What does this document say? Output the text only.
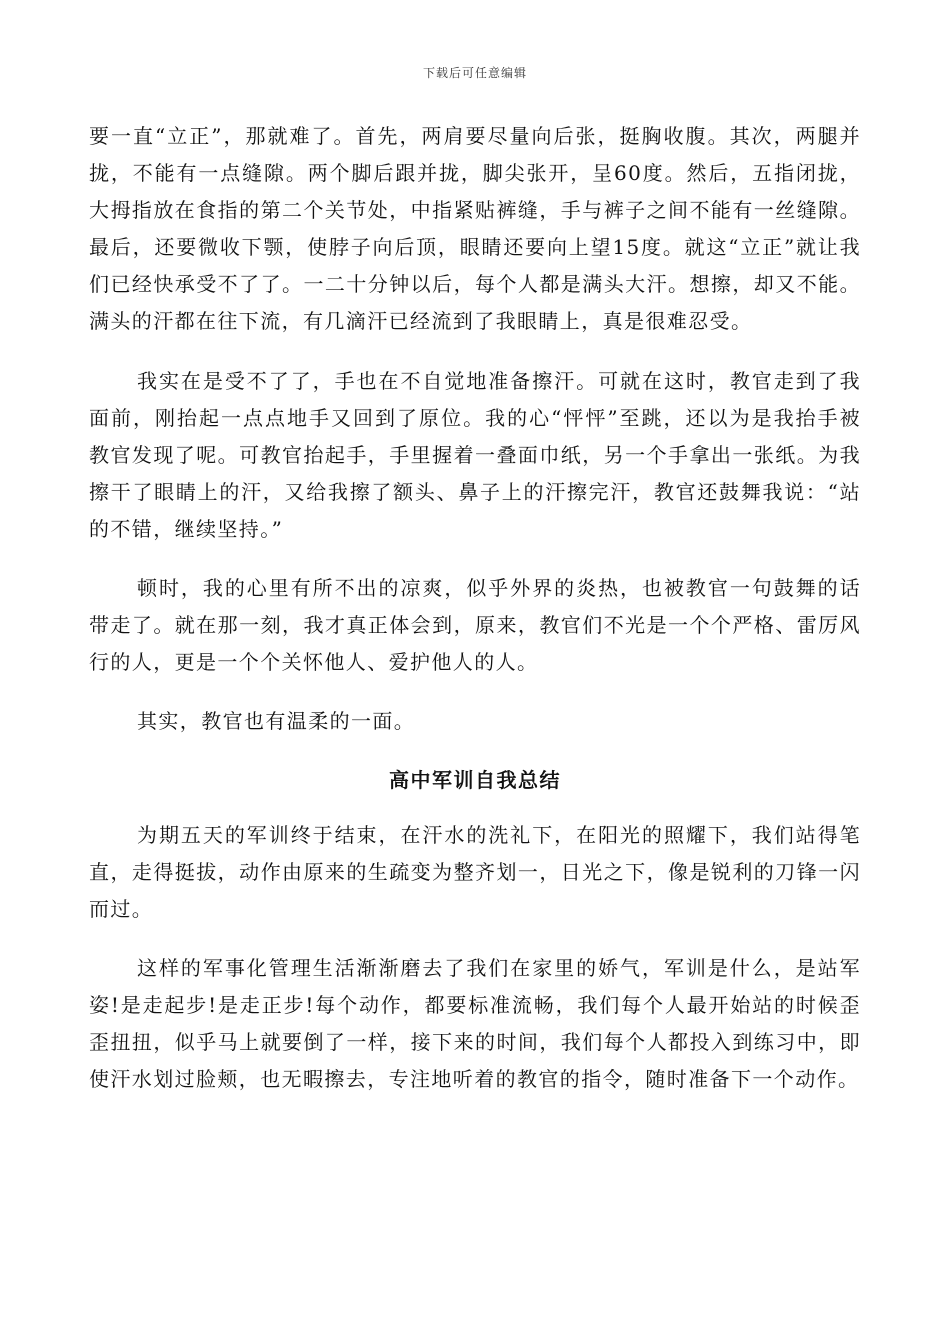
下载后可任意编辑

要一直“立正”，那就难了。首先，两肩要尽量向后张，挺胸收腹。其次，两腿并拢，不能有一点缝隙。两个脚后跟并拢，脚尖张开，呈60度。然后，五指闭拢，大拇指放在食指的第二个关节处，中指紧贴裤缝，手与裤子之间不能有一丝缝隙。最后，还要微收下颚，使脖子向后顶，眼睛还要向上望15度。就这“立正”就让我们已经快承受不了了。一二十分钟以后，每个人都是满头大汗。想擦，却又不能。满头的汗都在往下流，有几滴汗已经流到了我眼睛上，真是很难忍受。

我实在是受不了了，手也在不自觉地准备擦汗。可就在这时，教官走到了我面前，刚抬起一点点地手又回到了原位。我的心“怦怦”至跳，还以为是我抬手被教官发现了呢。可教官抬起手，手里握着一叠面巾纸，另一个手拿出一张纸。为我擦干了眼睛上的汗，又给我擦了额头、鼻子上的汗擦完汗，教官还鼓舞我说：“站的不错，继续坚持。”

顿时，我的心里有所不出的凉爽，似乎外界的炎热，也被教官一句鼓舞的话带走了。就在那一刻，我才真正体会到，原来，教官们不光是一个个严格、雷厉风行的人，更是一个个关怀他人、爱护他人的人。

其实，教官也有温柔的一面。

高中军训自我总结

为期五天的军训终于结束，在汗水的洗礼下，在阳光的照耀下，我们站得笔直，走得挺拔，动作由原来的生疏变为整齐划一，日光之下，像是锐利的刀锋一闪而过。

这样的军事化管理生活渐渐磨去了我们在家里的娇气，军训是什么，是站军姿!是走起步!是走正步!每个动作，都要标准流畅，我们每个人最开始站的时候歪歪扭扭，似乎马上就要倒了一样，接下来的时间，我们每个人都投入到练习中，即使汗水划过脸颊，也无暇擦去，专注地听着的教官的指令，随时准备下一个动作。
